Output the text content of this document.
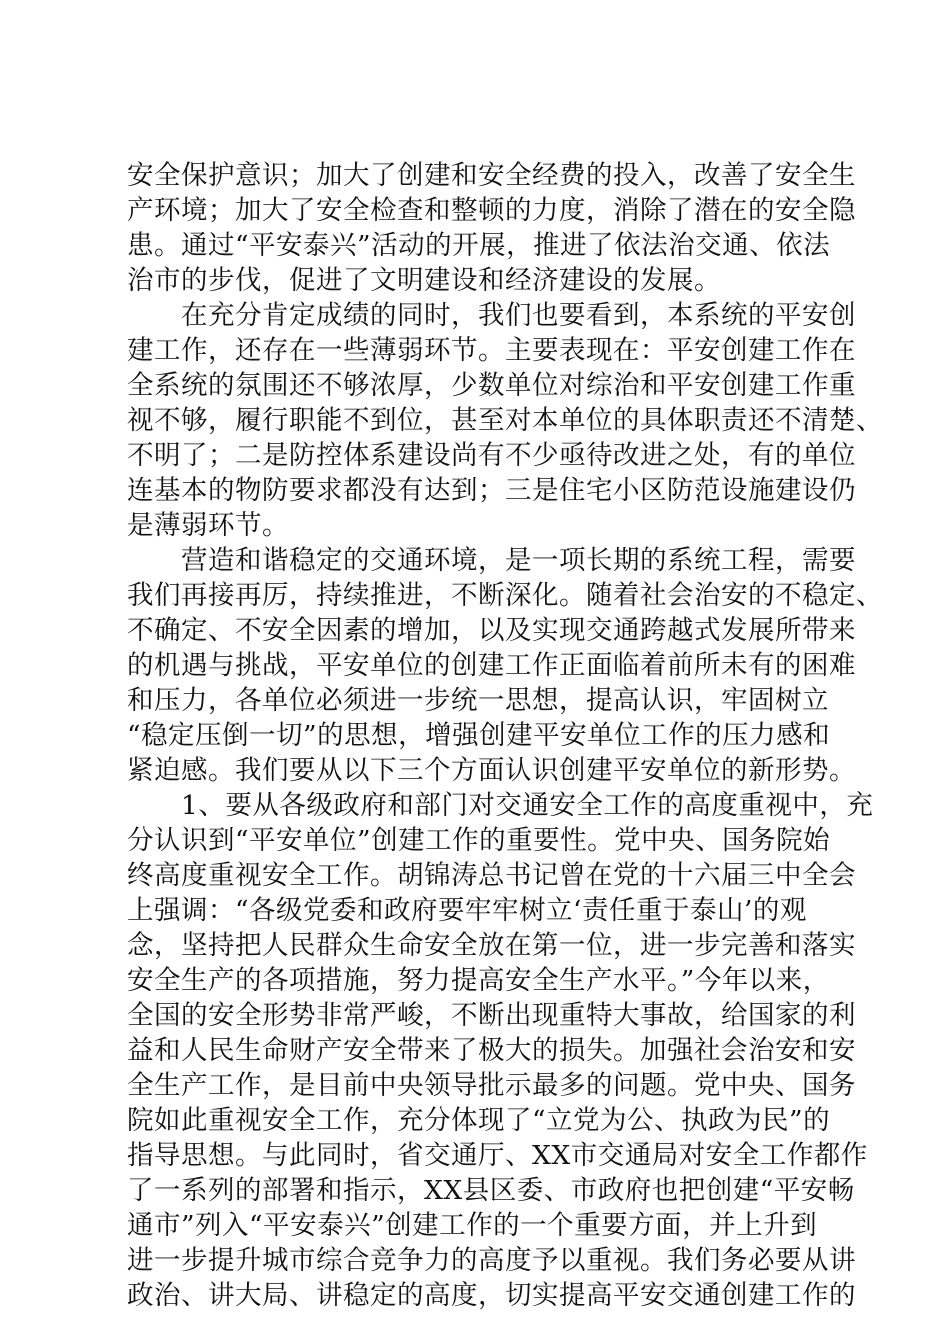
安全保护意识；加大了创建和安全经费的投入，改善了安全生
产环境；加大了安全检查和整顿的力度，消除了潜在的安全隐
患。通过“平安泰兴”活动的开展，推进了依法治交通、依法
治市的步伐，促进了文明建设和经济建设的发展。
　　在充分肯定成绩的同时，我们也要看到，本系统的平安创
建工作，还存在一些薄弱环节。主要表现在：平安创建工作在
全系统的氛围还不够浓厚，少数单位对综治和平安创建工作重
视不够，履行职能不到位，甚至对本单位的具体职责还不清楚、
不明了；二是防控体系建设尚有不少亟待改进之处，有的单位
连基本的物防要求都没有达到；三是住宅小区防范设施建设仍
是薄弱环节。
　　营造和谐稳定的交通环境，是一项长期的系统工程，需要
我们再接再厉，持续推进，不断深化。随着社会治安的不稳定、
不确定、不安全因素的增加，以及实现交通跨越式发展所带来
的机遇与挑战，平安单位的创建工作正面临着前所未有的困难
和压力，各单位必须进一步统一思想，提高认识，牢固树立
“稳定压倒一切”的思想，增强创建平安单位工作的压力感和
紧迫感。我们要从以下三个方面认识创建平安单位的新形势。
　　1、要从各级政府和部门对交通安全工作的高度重视中，充
分认识到“平安单位”创建工作的重要性。党中央、国务院始
终高度重视安全工作。胡锦涛总书记曾在党的十六届三中全会
上强调：“各级党委和政府要牢牢树立‘责任重于泰山’的观
念，坚持把人民群众生命安全放在第一位，进一步完善和落实
安全生产的各项措施，努力提高安全生产水平。”今年以来，
全国的安全形势非常严峻，不断出现重特大事故，给国家的利
益和人民生命财产安全带来了极大的损失。加强社会治安和安
全生产工作，是目前中央领导批示最多的问题。党中央、国务
院如此重视安全工作，充分体现了“立党为公、执政为民”的
指导思想。与此同时，省交通厅、XX市交通局对安全工作都作
了一系列的部署和指示，XX县区委、市政府也把创建“平安畅
通市”列入“平安泰兴”创建工作的一个重要方面，并上升到
进一步提升城市综合竞争力的高度予以重视。我们务必要从讲
政治、讲大局、讲稳定的高度，切实提高平安交通创建工作的
